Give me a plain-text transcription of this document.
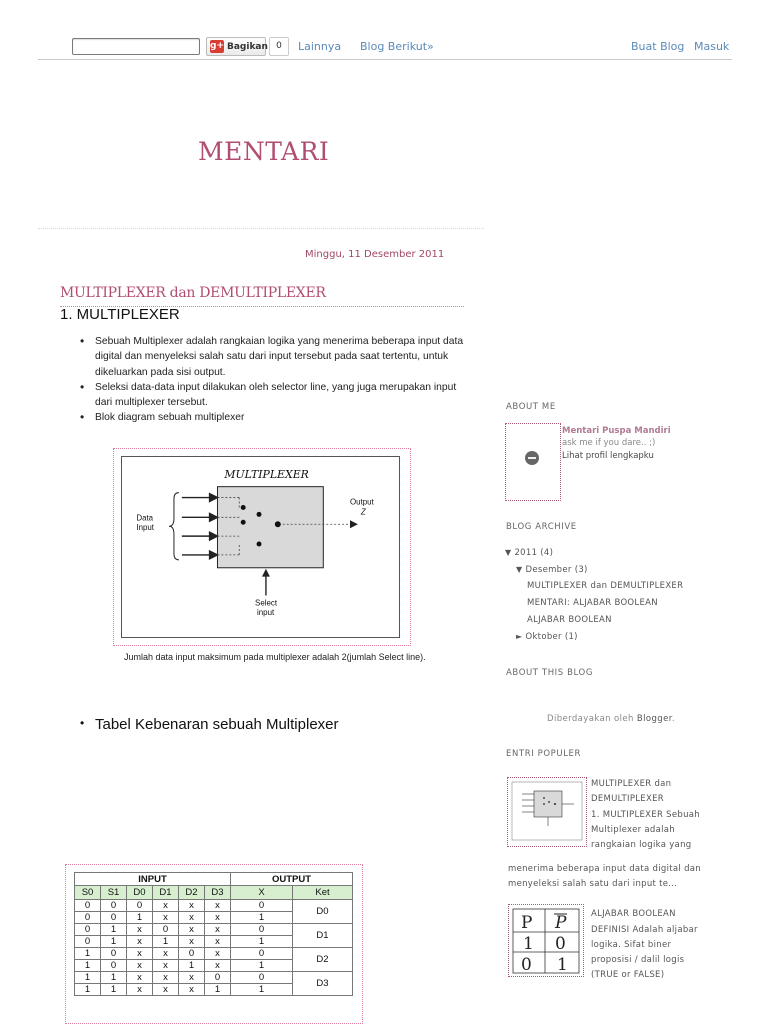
g+ Bagikan 0	Lainnya Blog Berikut»	Buat Blog Masuk
MENTARI
Minggu, 11 Desember 2011
MULTIPLEXER dan DEMULTIPLEXER
1. MULTIPLEXER
• Sebuah Multiplexer adalah rangkaian logika yang menerima beberapa input data digital dan menyeleksi salah satu dari input tersebut pada saat tertentu, untuk dikeluarkan pada sisi output.
• Seleksi data-data input dilakukan oleh selector line, yang juga merupakan input dari multiplexer tersebut.
• Blok diagram sebuah multiplexer
MULTIPLEXER
Data
Input
Output
Z
Select
input
Jumlah data input maksimum pada multiplexer adalah 2(jumlah Select line).
• Tabel Kebenaran sebuah Multiplexer
INPUT						OUTPUT	
S0	S1	D0	D1	D2	D3	X	Ket
0	0	0	x	x	x	0	D0
0	0	1	x	x	x	1	
0	1	x	0	x	x	0	D1
0	1	x	1	x	x	1	
1	0	x	x	0	x	0	D2
1	0	x	x	1	x	1	
1	1	x	x	x	0	0	D3
1	1	x	x	x	1	1	
ABOUT ME
Mentari Puspa Mandiri
ask me if you dare.. ;)
Lihat profil lengkapku
BLOG ARCHIVE
▼ 2011 (4)
▼ Desember (3)
MULTIPLEXER dan DEMULTIPLEXER
MENTARI: ALJABAR BOOLEAN
ALJABAR BOOLEAN
► Oktober (1)
ABOUT THIS BLOG
Diberdayakan oleh Blogger.
ENTRI POPULER
MULTIPLEXER dan
DEMULTIPLEXER
1. MULTIPLEXER Sebuah
Multiplexer adalah
rangkaian logika yang
menerima beberapa input data digital dan
menyeleksi salah satu dari input te...
P P
1 0
0 1
ALJABAR BOOLEAN
DEFINISI Adalah aljabar
logika. Sifat biner
proposisi / dalil logis
(TRUE or FALSE)
